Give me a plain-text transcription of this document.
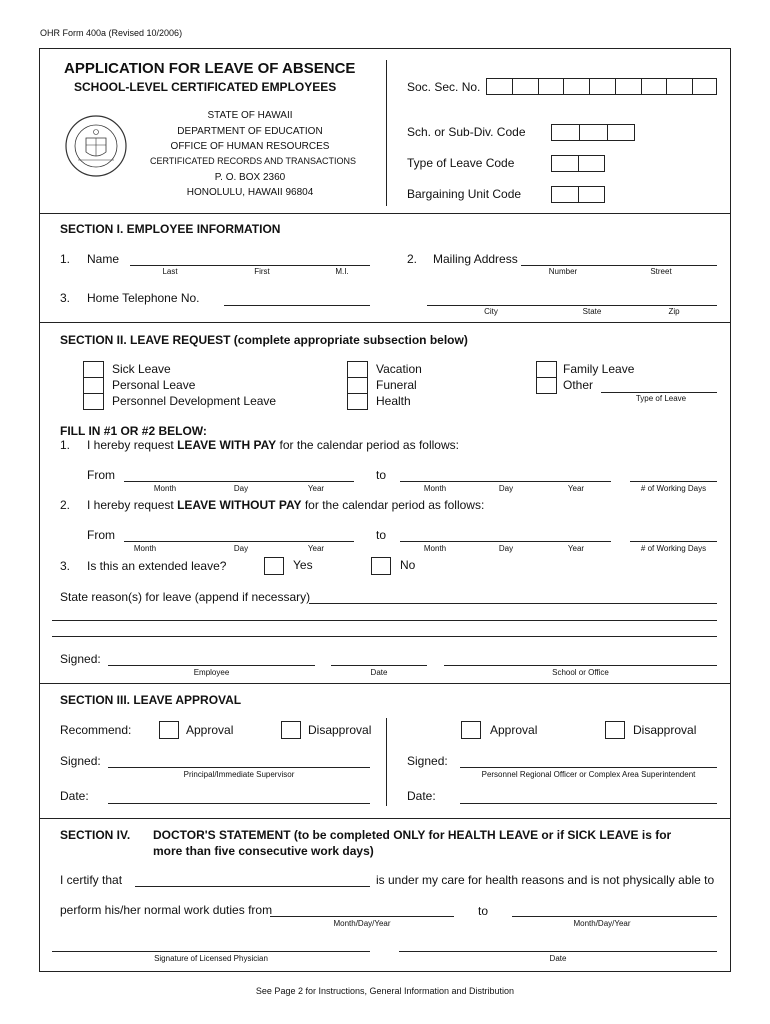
OHR Form 400a (Revised 10/2006)
APPLICATION FOR LEAVE OF ABSENCE
SCHOOL-LEVEL CERTIFICATED EMPLOYEES
STATE OF HAWAII
DEPARTMENT OF EDUCATION
OFFICE OF HUMAN RESOURCES
CERTIFICATED RECORDS AND TRANSACTIONS
P. O. BOX 2360
HONOLULU, HAWAII 96804
Soc. Sec. No.
Sch. or Sub-Div. Code
Type of Leave Code
Bargaining Unit Code
SECTION I. EMPLOYEE INFORMATION
1. Name
Last	First	M.I.
2. Mailing Address
Number	Street
3. Home Telephone No.
City	State	Zip
SECTION II. LEAVE REQUEST (complete appropriate subsection below)
Sick Leave
Personal Leave
Personnel Development Leave
Vacation
Funeral
Health
Family Leave
Other
Type of Leave
FILL IN #1 OR #2 BELOW:
1. I hereby request LEAVE WITH PAY for the calendar period as follows:
From
Month	Day	Year
to
Month	Day	Year	# of Working Days
2. I hereby request LEAVE WITHOUT PAY for the calendar period as follows:
From
Month	Day	Year
to
Month	Day	Year	# of Working Days
3. Is this an extended leave?	Yes	No
State reason(s) for leave (append if necessary)
Signed:
Employee	Date	School or Office
SECTION III. LEAVE APPROVAL
Recommend:	Approval	Disapproval	Approval	Disapproval
Signed:
Principal/Immediate Supervisor
Signed:
Personnel Regional Officer or Complex Area Superintendent
Date:	Date:
SECTION IV. DOCTOR'S STATEMENT (to be completed ONLY for HEALTH LEAVE or if SICK LEAVE is for
more than five consecutive work days)
I certify that	is under my care for health reasons and is not physically able to
perform his/her normal work duties from
Month/Day/Year
to
Month/Day/Year
Signature of Licensed Physician	Date
See Page 2 for Instructions, General Information and Distribution
